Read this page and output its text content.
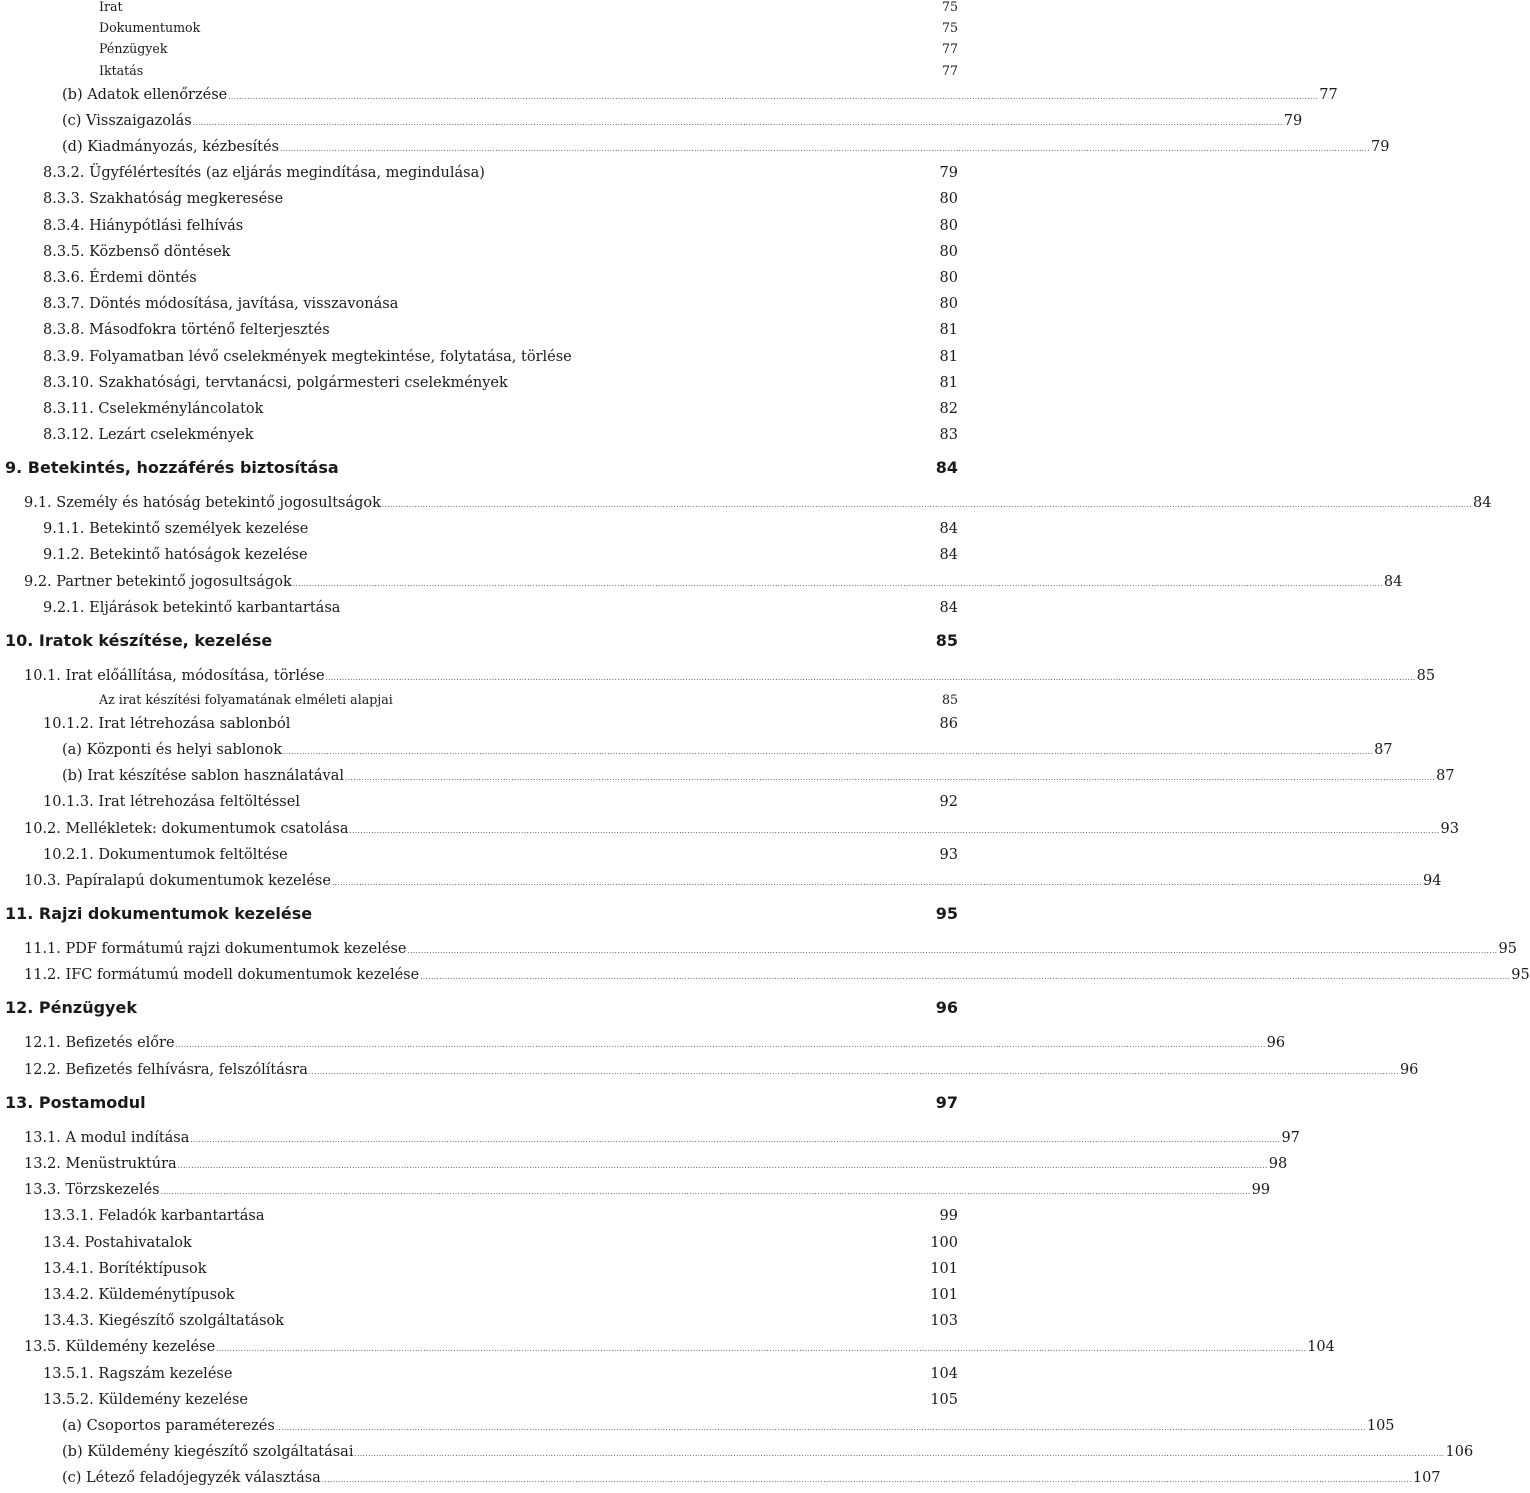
Irat	75
Dokumentumok	75
Pénzügyek	77
Iktatás	77
(b) Adatok ellenőrzése ................................................................................................................................................................................................................................................................................................................................................................................................................ 77
(c) Visszaigazolás ................................................................................................................................................................................................................................................................................................................................................................................................................ 79
(d) Kiadmányozás, kézbesítés ................................................................................................................................................................................................................................................................................................................................................................................................................ 79
8.3.2. Ügyfélértesítés (az eljárás megindítása, megindulása)	79
8.3.3. Szakhatóság megkeresése	80
8.3.4. Hiánypótlási felhívás	80
8.3.5. Közbenső döntések	80
8.3.6. Érdemi döntés	80
8.3.7. Döntés módosítása, javítása, visszavonása	80
8.3.8. Másodfokra történő felterjesztés	81
8.3.9. Folyamatban lévő cselekmények megtekintése, folytatása, törlése	81
8.3.10. Szakhatósági, tervtanácsi, polgármesteri cselekmények	81
8.3.11. Cselekményláncolatok	82
8.3.12. Lezárt cselekmények	83
9. Betekintés, hozzáférés biztosítása	84
9.1. Személy és hatóság betekintő jogosultságok ................................................................................................................................................................................................................................................................................................................................................................................................................ 84
9.1.1. Betekintő személyek kezelése	84
9.1.2. Betekintő hatóságok kezelése	84
9.2. Partner betekintő jogosultságok ................................................................................................................................................................................................................................................................................................................................................................................................................ 84
9.2.1. Eljárások betekintő karbantartása	84
10. Iratok készítése, kezelése	85
10.1. Irat előállítása, módosítása, törlése ................................................................................................................................................................................................................................................................................................................................................................................................................ 85
Az irat készítési folyamatának elméleti alapjai	85
10.1.2. Irat létrehozása sablonból	86
(a) Központi és helyi sablonok ................................................................................................................................................................................................................................................................................................................................................................................................................ 87
(b) Irat készítése sablon használatával ................................................................................................................................................................................................................................................................................................................................................................................................................ 87
10.1.3. Irat létrehozása feltöltéssel	92
10.2. Mellékletek: dokumentumok csatolása ................................................................................................................................................................................................................................................................................................................................................................................................................ 93
10.2.1. Dokumentumok feltöltése	93
10.3. Papíralapú dokumentumok kezelése ................................................................................................................................................................................................................................................................................................................................................................................................................ 94
11. Rajzi dokumentumok kezelése	95
11.1. PDF formátumú rajzi dokumentumok kezelése ................................................................................................................................................................................................................................................................................................................................................................................................................ 95
11.2. IFC formátumú modell dokumentumok kezelése ................................................................................................................................................................................................................................................................................................................................................................................................................ 95
12. Pénzügyek	96
12.1. Befizetés előre ................................................................................................................................................................................................................................................................................................................................................................................................................ 96
12.2. Befizetés felhívásra, felszólításra ................................................................................................................................................................................................................................................................................................................................................................................................................ 96
13. Postamodul	97
13.1. A modul indítása ................................................................................................................................................................................................................................................................................................................................................................................................................ 97
13.2. Menüstruktúra ................................................................................................................................................................................................................................................................................................................................................................................................................ 98
13.3. Törzskezelés ................................................................................................................................................................................................................................................................................................................................................................................................................ 99
13.3.1. Feladók karbantartása	99
13.4. Postahivatalok	100
13.4.1. Borítéktípusok	101
13.4.2. Küldeménytípusok	101
13.4.3. Kiegészítő szolgáltatások	103
13.5. Küldemény kezelése ................................................................................................................................................................................................................................................................................................................................................................................................................ 104
13.5.1. Ragszám kezelése	104
13.5.2. Küldemény kezelése	105
(a) Csoportos paraméterezés ................................................................................................................................................................................................................................................................................................................................................................................................................ 105
(b) Küldemény kiegészítő szolgáltatásai ................................................................................................................................................................................................................................................................................................................................................................................................................ 106
(c) Létező feladójegyzék választása ................................................................................................................................................................................................................................................................................................................................................................................................................ 107
